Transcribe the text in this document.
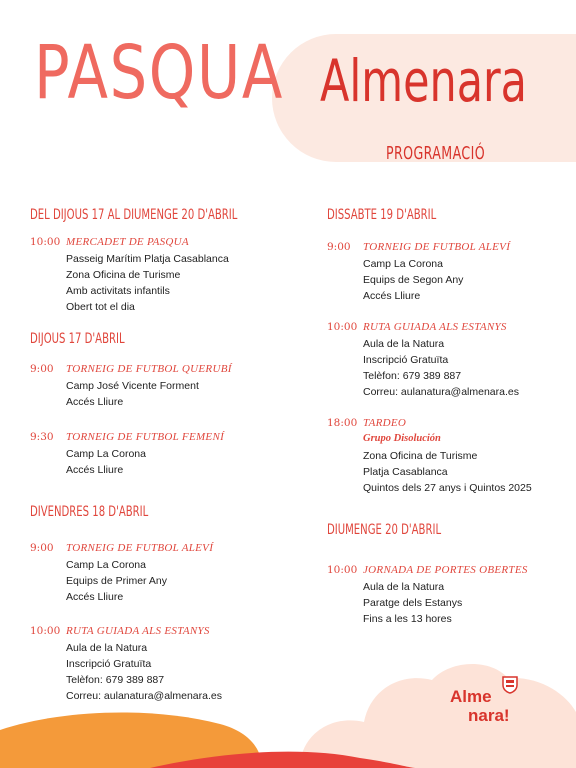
PASQUA Almenara
PROGRAMACIÓ
DEL DIJOUS 17 AL DIUMENGE 20 D'ABRIL
10:00 MERCADET DE PASQUA
Passeig Marítim Platja Casablanca
Zona Oficina de Turisme
Amb activitats infantils
Obert tot el dia
DIJOUS 17 D'ABRIL
9:00 TORNEIG DE FUTBOL QUERUBÍ
Camp José Vicente Forment
Accés Lliure
9:30 TORNEIG DE FUTBOL FEMENÍ
Camp La Corona
Accés Lliure
DIVENDRES 18 D'ABRIL
9:00 TORNEIG DE FUTBOL ALEVÍ
Camp La Corona
Equips de Primer Any
Accés Lliure
10:00 RUTA GUIADA ALS ESTANYS
Aula de la Natura
Inscripció Gratuïta
Telèfon: 679 389 887
Correu: aulanatura@almenara.es
DISSABTE 19 D'ABRIL
9:00 TORNEIG DE FUTBOL ALEVÍ
Camp La Corona
Equips de Segon Any
Accés Lliure
10:00 RUTA GUIADA ALS ESTANYS
Aula de la Natura
Inscripció Gratuïta
Telèfon: 679 389 887
Correu: aulanatura@almenara.es
18:00 TARDEO
Grupo Disolución
Zona Oficina de Turisme
Platja Casablanca
Quintos dels 27 anys i Quintos 2025
DIUMENGE 20 D'ABRIL
10:00 JORNADA DE PORTES OBERTES
Aula de la Natura
Paratge dels Estanys
Fins a les 13 hores
Alme
nara!
